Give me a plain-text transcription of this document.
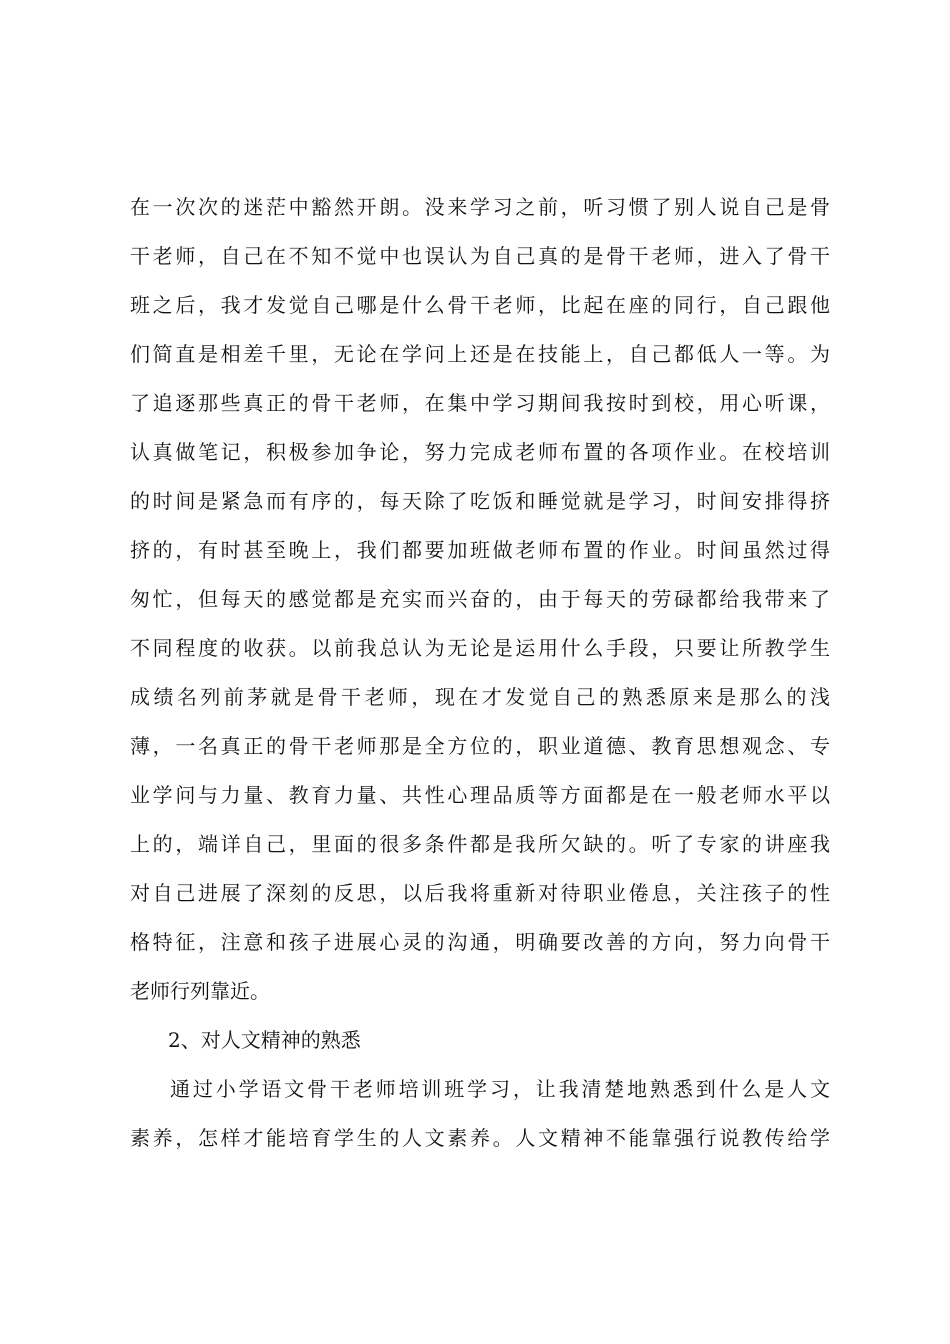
在一次次的迷茫中豁然开朗。没来学习之前，听习惯了别人说自己是骨
干老师，自己在不知不觉中也误认为自己真的是骨干老师，进入了骨干
班之后，我才发觉自己哪是什么骨干老师，比起在座的同行，自己跟他
们简直是相差千里，无论在学问上还是在技能上，自己都低人一等。为
了追逐那些真正的骨干老师，在集中学习期间我按时到校，用心听课，
认真做笔记，积极参加争论，努力完成老师布置的各项作业。在校培训
的时间是紧急而有序的，每天除了吃饭和睡觉就是学习，时间安排得挤
挤的，有时甚至晚上，我们都要加班做老师布置的作业。时间虽然过得
匆忙，但每天的感觉都是充实而兴奋的，由于每天的劳碌都给我带来了
不同程度的收获。以前我总认为无论是运用什么手段，只要让所教学生
成绩名列前茅就是骨干老师，现在才发觉自己的熟悉原来是那么的浅
薄，一名真正的骨干老师那是全方位的，职业道德、教育思想观念、专
业学问与力量、教育力量、共性心理品质等方面都是在一般老师水平以
上的，端详自己，里面的很多条件都是我所欠缺的。听了专家的讲座我
对自己进展了深刻的反思，以后我将重新对待职业倦息，关注孩子的性
格特征，注意和孩子进展心灵的沟通，明确要改善的方向，努力向骨干
老师行列靠近。
2、对人文精神的熟悉
通过小学语文骨干老师培训班学习，让我清楚地熟悉到什么是人文
素养，怎样才能培育学生的人文素养。人文精神不能靠强行说教传给学
